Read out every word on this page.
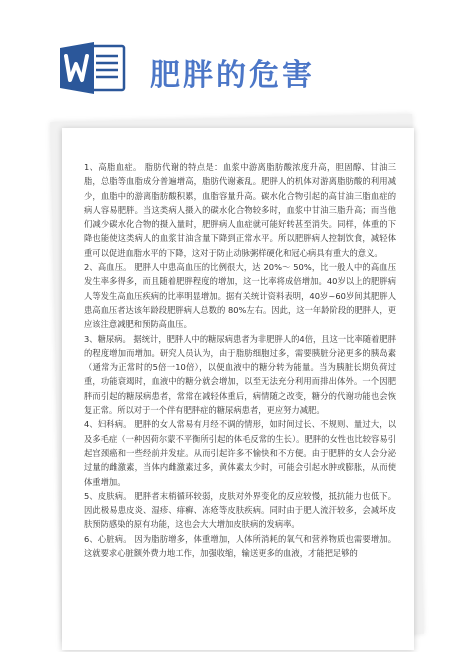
肥胖的危害

1、高脂血症。 脂肪代谢的特点是：血浆中游离脂肪酸浓度升高，胆固醇、甘油三脂，总脂等血脂成分普遍增高，脂肪代谢紊乱。肥胖人的机体对游离脂肪酸的利用减少，血脂中的游离脂肪酸积累，血脂容量升高。碳水化合物引起的高甘油三脂血症的病人容易肥胖。当这类病人摄入的碳水化合物较多时，血浆中甘油三脂升高；而当他们减少碳水化合物的摄入量时，肥胖病人血症就可能好转甚至消失。同样，体重的下降也能使这类病人的血浆甘油含量下降到正常水平。所以肥胖病人控制饮食，减轻体重可以促进血脂水平的下降，这对于防止动脉粥样硬化和冠心病具有重大的意义。

2、高血压。 肥胖人中患高血压的比例很大，达 20%～ 50%，比一般人中的高血压发生率多得多，而且随着肥胖程度的增加，这一比率将成倍增加。40岁以上的肥胖病人等发生高血压疾病的比率明显增加。据有关统计资料表明，40岁~60岁间其肥胖人患高血压者达该年龄段肥胖病人总数的 80%左右。因此，这一年龄阶段的肥胖人，更应该注意减肥和预防高血压。

3、糖尿病。 据统计，肥胖人中的糖尿病患者为非肥胖人的4倍，且这一比率随着肥胖的程度增加而增加。研究人员认为，由于脂肪细胞过多，需要胰脏分泌更多的胰岛素（通常为正常时的5倍一10倍），以便血液中的糖分转为能量。当为胰脏长期负荷过重，功能衰竭时，血液中的糖分就会增加，以至无法充分利用而排出体外。一个因肥胖而引起的糖尿病患者，常常在减轻体重后，病情随之改变，糖分的代谢功能也会恢复正常。所以对于一个伴有肥胖症的糖尿病患者，更应努力减肥。

4、妇科病。 肥胖的女人常易有月经不调的情形，如时间过长、不规则、量过大，以及多毛症（一种因荷尔蒙不平衡所引起的体毛反常的生长）。肥胖的女性也比较容易引起宫颈癌和一些经前并发症。从而引起许多不愉快和不方便。由于肥胖的女人会分泌过量的雌激素，当体内雌激素过多，黄体素太少时，可能会引起水肿或膨胀，从而使体重增加。

5、皮肤病。 肥胖者末梢循环较弱，皮肤对外界变化的反应较慢，抵抗能力也低下。因此极易患皮炎、湿疹、痱癣、冻疮等皮肤疾病。同时由于肥人流汗较多，会减坏皮肤预防感染的原有功能，这也会大大增加皮肤病的发病率。

6、心脏病。 因为脂肪增多，体重增加，人体所消耗的氧气和营养物质也需要增加。这就要求心脏额外费力地工作，加强收缩，输送更多的血液，才能把足够的
